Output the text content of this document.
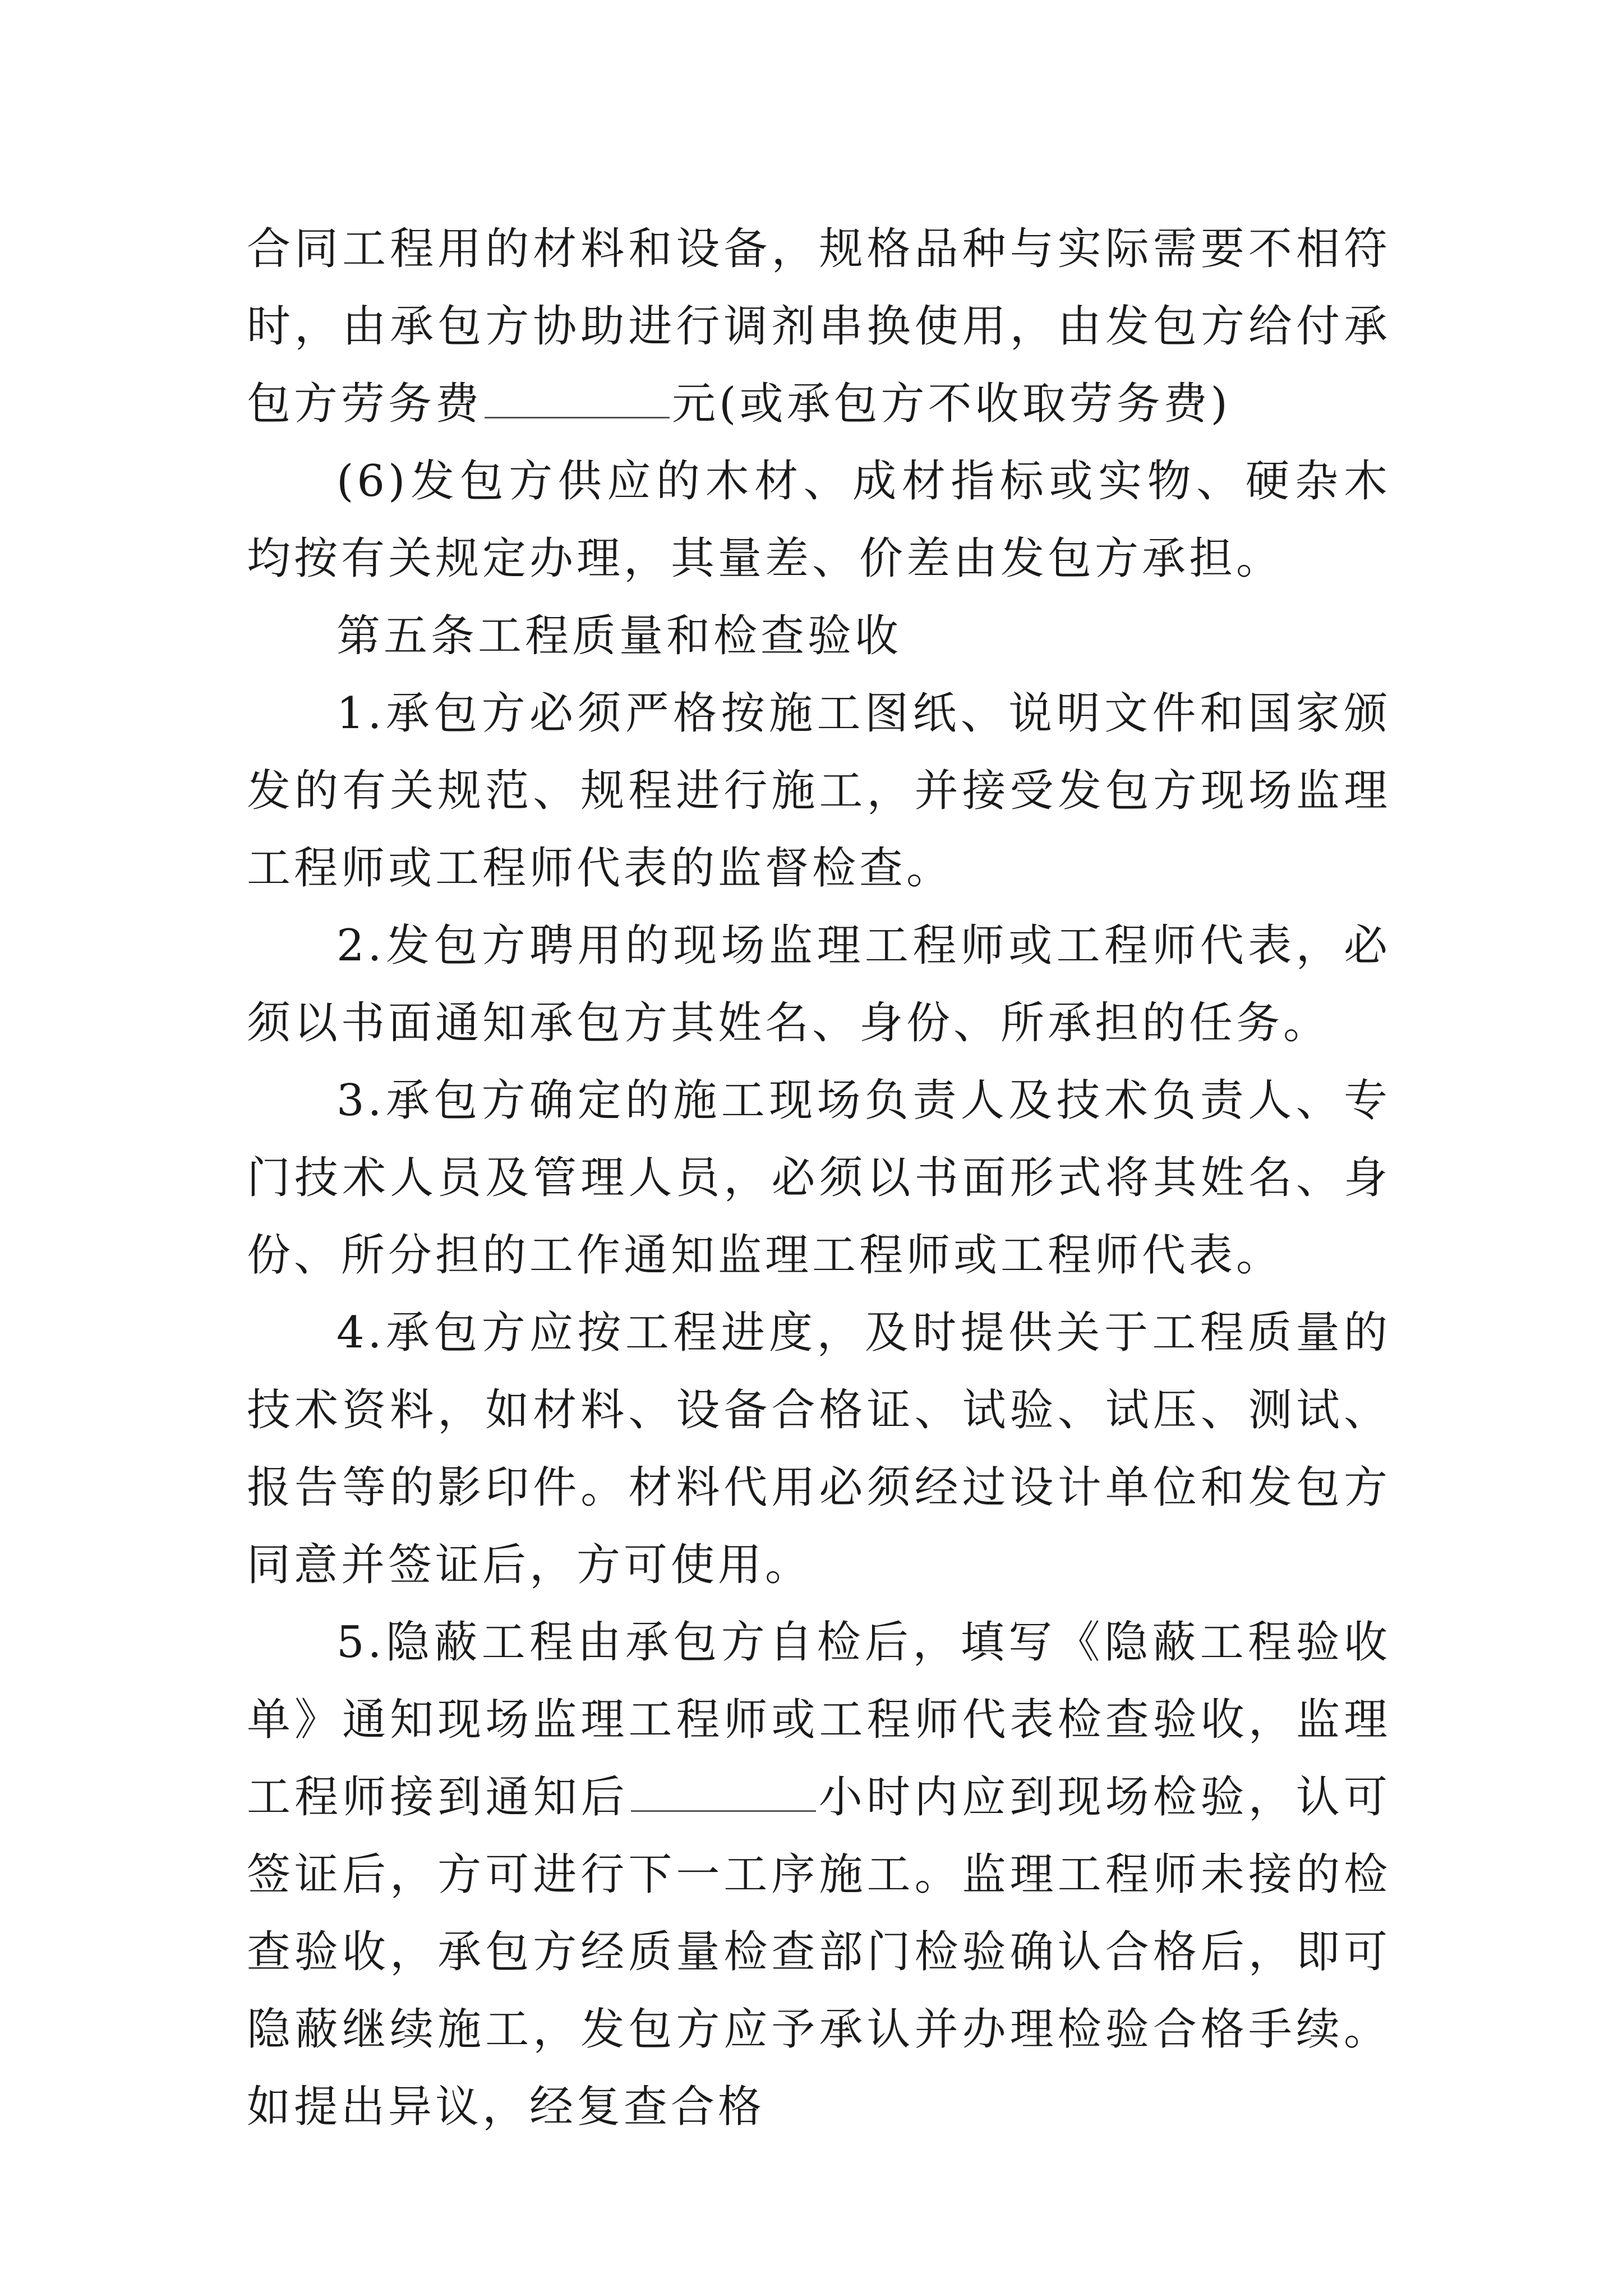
合同工程用的材料和设备，规格品种与实际需要不相符时，由承包方协助进行调剂串换使用，由发包方给付承包方劳务费	元(或承包方不收取劳务费)

(6)发包方供应的木材、成材指标或实物、硬杂木均按有关规定办理，其量差、价差由发包方承担。

第五条工程质量和检查验收

1.承包方必须严格按施工图纸、说明文件和国家颁发的有关规范、规程进行施工，并接受发包方现场监理工程师或工程师代表的监督检查。

2.发包方聘用的现场监理工程师或工程师代表，必须以书面通知承包方其姓名、身份、所承担的任务。

3.承包方确定的施工现场负责人及技术负责人、专门技术人员及管理人员，必须以书面形式将其姓名、身份、所分担的工作通知监理工程师或工程师代表。

4.承包方应按工程进度，及时提供关于工程质量的技术资料，如材料、设备合格证、试验、试压、测试、报告等的影印件。材料代用必须经过设计单位和发包方同意并签证后，方可使用。

5.隐蔽工程由承包方自检后，填写《隐蔽工程验收单》通知现场监理工程师或工程师代表检查验收，监理工程师接到通知后	小时内应到现场检验，认可签证后，方可进行下一工序施工。监理工程师未接的检查验收，承包方经质量检查部门检验确认合格后，即可隐蔽继续施工，发包方应予承认并办理检验合格手续。如提出异议，经复查合格
